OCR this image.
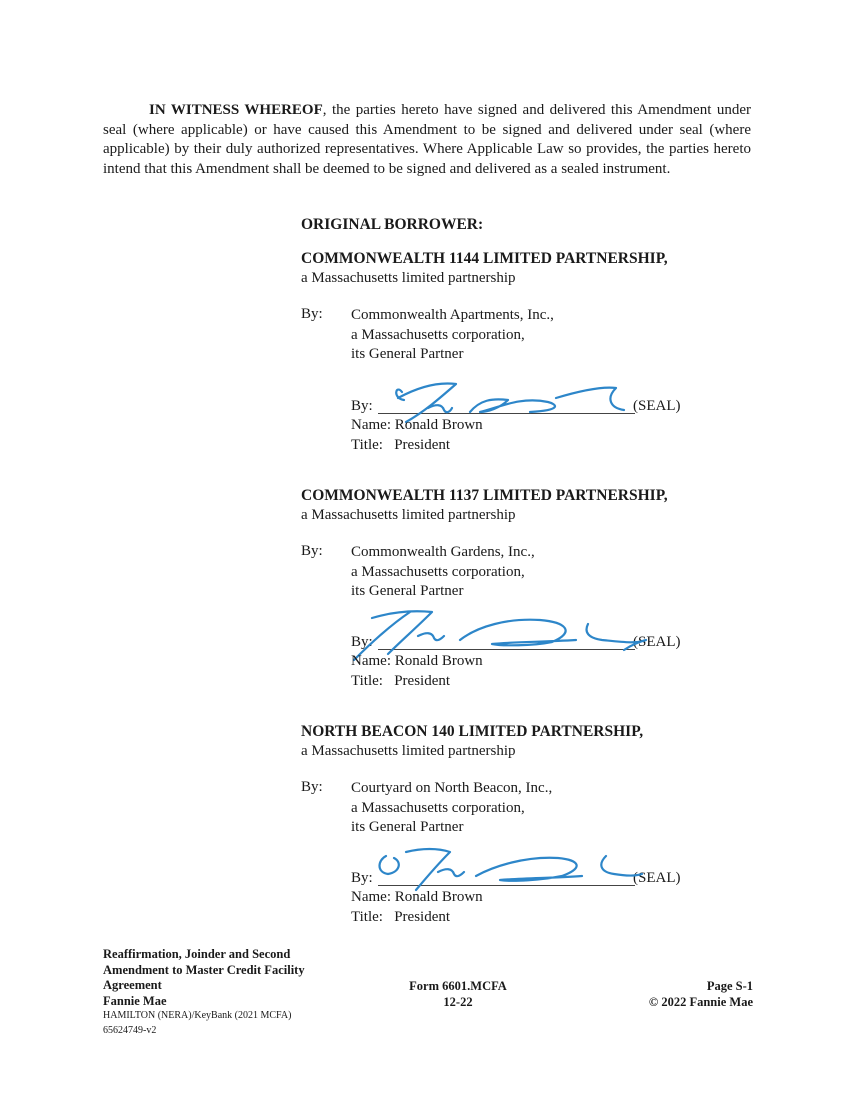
IN WITNESS WHEREOF, the parties hereto have signed and delivered this Amendment under seal (where applicable) or have caused this Amendment to be signed and delivered under seal (where applicable) by their duly authorized representatives. Where Applicable Law so provides, the parties hereto intend that this Amendment shall be deemed to be signed and delivered as a sealed instrument.
ORIGINAL BORROWER:
COMMONWEALTH 1144 LIMITED PARTNERSHIP,
a Massachusetts limited partnership
By: Commonwealth Apartments, Inc.,
a Massachusetts corporation,
its General Partner
By:	(SEAL)
Name: Ronald Brown
Title:   President
COMMONWEALTH 1137 LIMITED PARTNERSHIP,
a Massachusetts limited partnership
By: Commonwealth Gardens, Inc.,
a Massachusetts corporation,
its General Partner
By:	(SEAL)
Name: Ronald Brown
Title:   President
NORTH BEACON 140 LIMITED PARTNERSHIP,
a Massachusetts limited partnership
By: Courtyard on North Beacon, Inc.,
a Massachusetts corporation,
its General Partner
By:	(SEAL)
Name: Ronald Brown
Title:   President
Reaffirmation, Joinder and Second
Amendment to Master Credit Facility
Agreement
Fannie Mae
HAMILTON (NERA)/KeyBank (2021 MCFA)
65624749-v2
Form 6601.MCFA
12-22
Page S-1
© 2022 Fannie Mae
